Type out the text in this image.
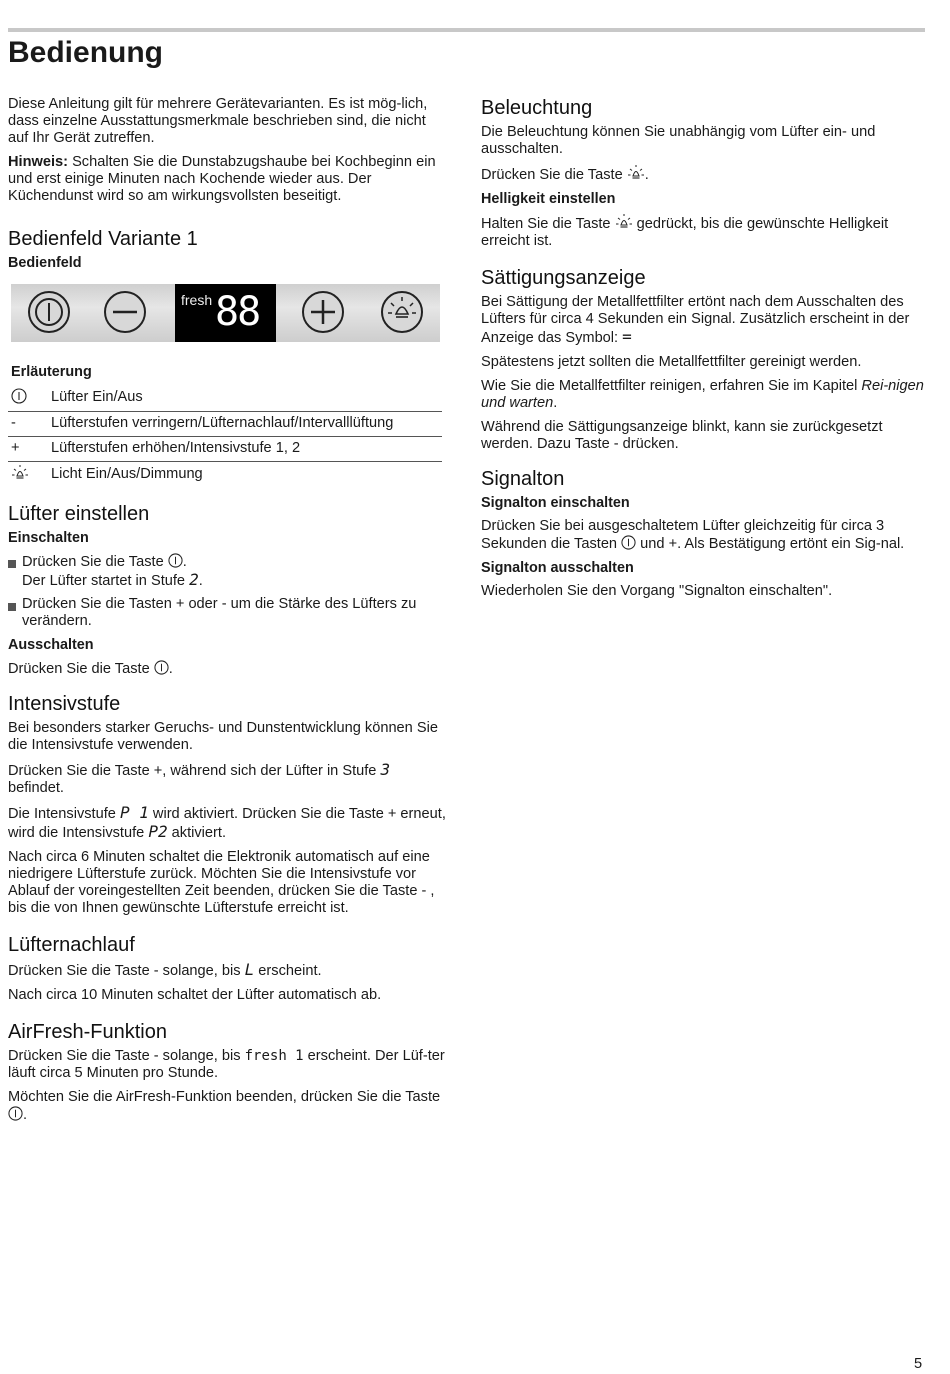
Bedienung

Diese Anleitung gilt für mehrere Gerätevarianten. Es ist mög-lich, dass einzelne Ausstattungsmerkmale beschrieben sind, die nicht auf Ihr Gerät zutreffen.

Hinweis: Schalten Sie die Dunstabzugshaube bei Kochbeginn ein und erst einige Minuten nach Kochende wieder aus. Der Küchendunst wird so am wirkungsvollsten beseitigt.

Bedienfeld Variante 1
Bedienfeld
fresh 88
Erläuterung
	Lüfter Ein/Aus
-	Lüfterstufen verringern/Lüfternachlauf/Intervalllüftung
+	Lüfterstufen erhöhen/Intensivstufe 1, 2
	Licht Ein/Aus/Dimmung
Lüfter einstellen
Einschalten
Drücken Sie die Taste .
Der Lüfter startet in Stufe 2.
Drücken Sie die Tasten + oder - um die Stärke des Lüfters zu verändern.
Ausschalten

Drücken Sie die Taste .

Intensivstufe

Bei besonders starker Geruchs- und Dunstentwicklung können Sie die Intensivstufe verwenden.

Drücken Sie die Taste +, während sich der Lüfter in Stufe 3
befindet.

Die Intensivstufe P 1 wird aktiviert. Drücken Sie die Taste + erneut, wird die Intensivstufe P2 aktiviert.

Nach circa 6 Minuten schaltet die Elektronik automatisch auf eine niedrigere Lüfterstufe zurück. Möchten Sie die Intensivstufe vor Ablauf der voreingestellten Zeit beenden, drücken Sie die Taste - , bis die von Ihnen gewünschte Lüfterstufe erreicht ist.

Lüfternachlauf

Drücken Sie die Taste - solange, bis L erscheint.

Nach circa 10 Minuten schaltet der Lüfter automatisch ab.

AirFresh-Funktion

Drücken Sie die Taste - solange, bis fresh 1 erscheint. Der Lüf-ter läuft circa 5 Minuten pro Stunde.

Möchten Sie die AirFresh-Funktion beenden, drücken Sie die Taste .

Beleuchtung

Die Beleuchtung können Sie unabhängig vom Lüfter ein- und ausschalten.

Drücken Sie die Taste .

Helligkeit einstellen

Halten Sie die Taste  gedrückt, bis die gewünschte Helligkeit erreicht ist.

Sättigungsanzeige

Bei Sättigung der Metallfettfilter ertönt nach dem Ausschalten des Lüfters für circa 4 Sekunden ein Signal. Zusätzlich erscheint in der Anzeige das Symbol: =

Spätestens jetzt sollten die Metallfettfilter gereinigt werden.

Wie Sie die Metallfettfilter reinigen, erfahren Sie im Kapitel Rei-nigen und warten.

Während die Sättigungsanzeige blinkt, kann sie zurückgesetzt werden. Dazu Taste - drücken.

Signalton
Signalton einschalten

Drücken Sie bei ausgeschaltetem Lüfter gleichzeitig für circa 3 Sekunden die Tasten  und +. Als Bestätigung ertönt ein Sig-nal.

Signalton ausschalten

Wiederholen Sie den Vorgang "Signalton einschalten".

5
